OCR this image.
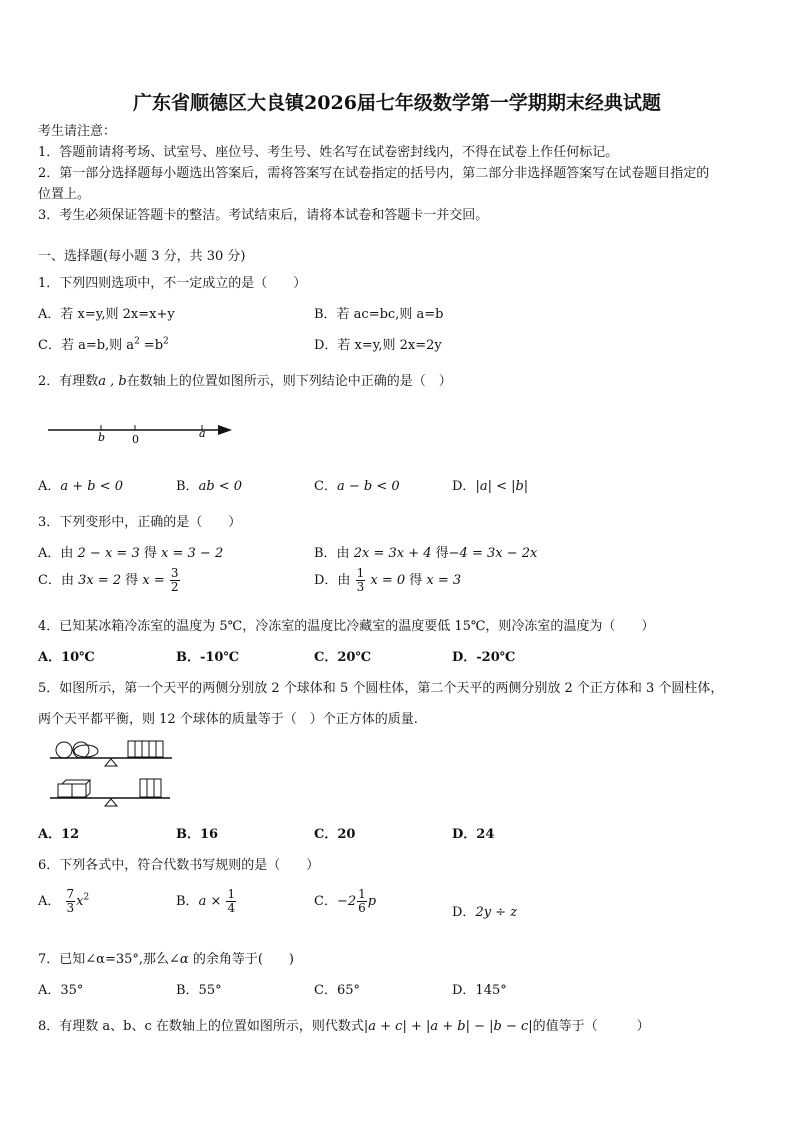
广东省顺德区大良镇2026届七年级数学第一学期期末经典试题
考生请注意：
1．答题前请将考场、试室号、座位号、考生号、姓名写在试卷密封线内，不得在试卷上作任何标记。
2．第一部分选择题每小题选出答案后，需将答案写在试卷指定的括号内，第二部分非选择题答案写在试卷题目指定的
位置上。
3．考生必须保证答题卡的整洁。考试结束后，请将本试卷和答题卡一并交回。
一、选择题(每小题 3 分，共 30 分)
1．下列四则选项中，不一定成立的是（　　）
A．若 x=y,则 2x=x+y	B．若 ac=bc,则 a=b
C．若 a=b,则 $a^2 =b^2$	D．若 x=y,则 2x=2y
2．有理数a , b在数轴上的位置如图所示，则下列结论中正确的是（　）
b 0	a
A．a + b < 0	B．ab < 0	C．a − b < 0	D．|a| < |b|
3．下列变形中，正确的是（　　）
A．由 2 − x = 3 得 x = 3 − 2	B．由 2x = 3x + 4 得−4 = 3x − 2x
C．由 3x = 2 得 $x = \frac{3}{2}$	D．由 $\frac{1}{3}$ x = 0 得 x = 3
4．已知某冰箱冷冻室的温度为 5℃，冷冻室的温度比冷藏室的温度要低 15℃，则冷冻室的温度为（　　）
A．10℃	B．-10℃	C．20℃	D．-20℃
5．如图所示，第一个天平的两侧分别放 2 个球体和 5 个圆柱体，第二个天平的两侧分别放 2 个正方体和 3 个圆柱体，
两个天平都平衡，则 12 个球体的质量等于（　）个正方体的质量.
A．12	B．16	C．20	D．24
6．下列各式中，符合代数书写规则的是（　　）
A． $\frac{7}{3} x^2$	B．$a \times \frac{1}{4}$	C．$-2 \frac{1}{6}$ p
D．2y ÷ z
7．已知∠α=35°,那么∠α 的余角等于(　　)
A．35°	B．55°	C．65°	D．145°
8．有理数 a、b、c 在数轴上的位置如图所示，则代数式|a + c| + |a + b| − |b − c|的值等于（　　　）
